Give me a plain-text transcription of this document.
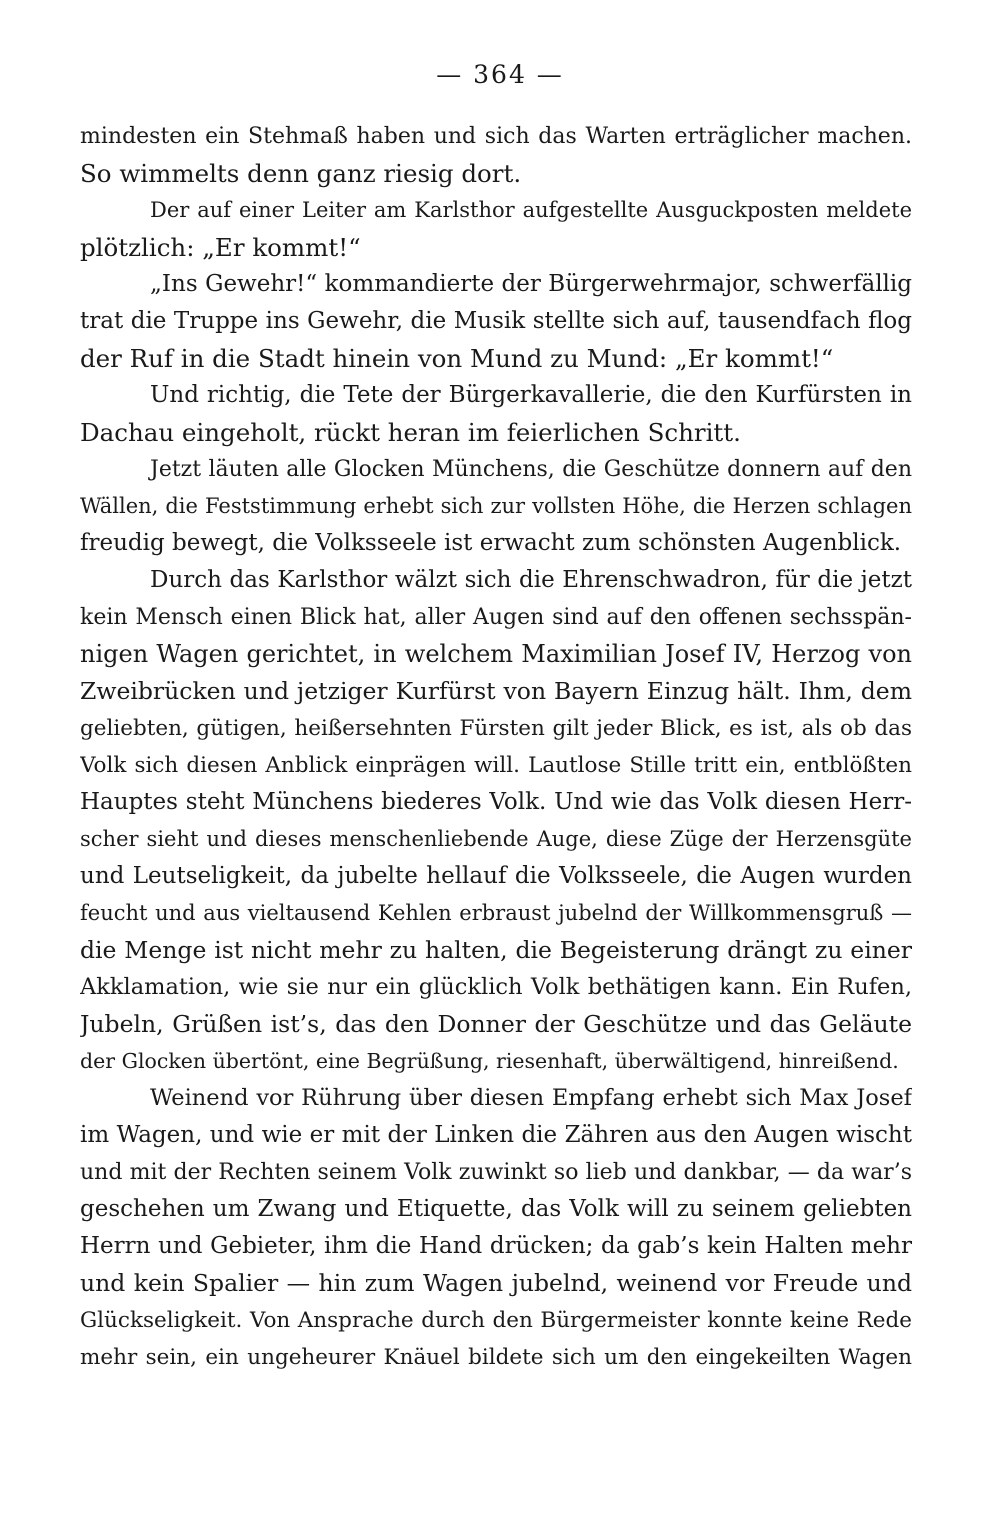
— 364 —
mindesten ein Stehmaß haben und sich das Warten erträglicher machen.
So wimmelts denn ganz riesig dort.
Der auf einer Leiter am Karlsthor aufgestellte Ausguckposten meldete
plötzlich: „Er kommt!“
„Ins Gewehr!“ kommandierte der Bürgerwehrmajor, schwerfällig
trat die Truppe ins Gewehr, die Musik stellte sich auf, tausendfach flog
der Ruf in die Stadt hinein von Mund zu Mund: „Er kommt!“
Und richtig, die Tete der Bürgerkavallerie, die den Kurfürsten in
Dachau eingeholt, rückt heran im feierlichen Schritt.
Jetzt läuten alle Glocken Münchens, die Geschütze donnern auf den
Wällen, die Feststimmung erhebt sich zur vollsten Höhe, die Herzen schlagen
freudig bewegt, die Volksseele ist erwacht zum schönsten Augenblick.
Durch das Karlsthor wälzt sich die Ehrenschwadron, für die jetzt
kein Mensch einen Blick hat, aller Augen sind auf den offenen sechsspän-
nigen Wagen gerichtet, in welchem Maximilian Josef IV, Herzog von
Zweibrücken und jetziger Kurfürst von Bayern Einzug hält. Ihm, dem
geliebten, gütigen, heißersehnten Fürsten gilt jeder Blick, es ist, als ob das
Volk sich diesen Anblick einprägen will. Lautlose Stille tritt ein, entblößten
Hauptes steht Münchens biederes Volk. Und wie das Volk diesen Herr-
scher sieht und dieses menschenliebende Auge, diese Züge der Herzensgüte
und Leutseligkeit, da jubelte hellauf die Volksseele, die Augen wurden
feucht und aus vieltausend Kehlen erbraust jubelnd der Willkommensgruß —
die Menge ist nicht mehr zu halten, die Begeisterung drängt zu einer
Akklamation, wie sie nur ein glücklich Volk bethätigen kann. Ein Rufen,
Jubeln, Grüßen ist’s, das den Donner der Geschütze und das Geläute
der Glocken übertönt, eine Begrüßung, riesenhaft, überwältigend, hinreißend.
Weinend vor Rührung über diesen Empfang erhebt sich Max Josef
im Wagen, und wie er mit der Linken die Zähren aus den Augen wischt
und mit der Rechten seinem Volk zuwinkt so lieb und dankbar, — da war’s
geschehen um Zwang und Etiquette, das Volk will zu seinem geliebten
Herrn und Gebieter, ihm die Hand drücken; da gab’s kein Halten mehr
und kein Spalier — hin zum Wagen jubelnd, weinend vor Freude und
Glückseligkeit. Von Ansprache durch den Bürgermeister konnte keine Rede
mehr sein, ein ungeheurer Knäuel bildete sich um den eingekeilten Wagen
